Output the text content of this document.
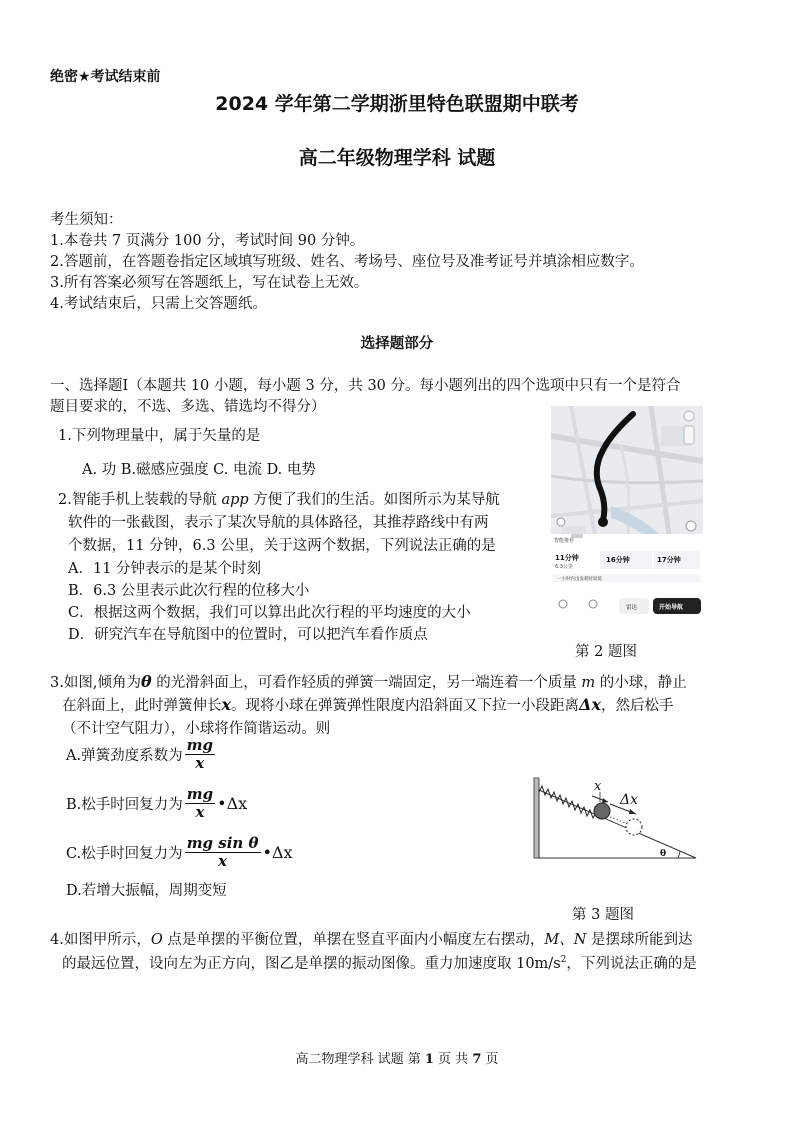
绝密★考试结束前
2024 学年第二学期浙里特色联盟期中联考
高二年级物理学科 试题
考生须知：
1.本卷共 7 页满分 100 分，考试时间 90 分钟。
2.答题前，在答题卷指定区域填写班级、姓名、考场号、座位号及准考证号并填涂相应数字。
3.所有答案必须写在答题纸上，写在试卷上无效。
4.考试结束后，只需上交答题纸。
选择题部分
一、选择题Ⅰ（本题共 10 小题，每小题 3 分，共 30 分。每小题列出的四个选项中只有一个是符合
题目要求的，不选、多选、错选均不得分）
1.下列物理量中，属于矢量的是
A. 功 B.磁感应强度 C. 电流 D. 电势
2.智能手机上装载的导航 app 方便了我们的生活。如图所示为某导航
软件的一张截图，表示了某次导航的具体路径，其推荐路线中有两
个数据，11 分钟，6.3 公里，关于这两个数据，下列说法正确的是
A．11 分钟表示的是某个时刻
B．6.3 公里表示此次行程的位移大小
C．根据这两个数据，我们可以算出此次行程的平均速度的大小
D．研究汽车在导航图中的位置时，可以把汽车看作质点
智能推荐
11分钟
6.3公里
16分钟	17分钟
一小时内出发耗时较低
雷达	开始导航
第 2 题图
3.如图,倾角为θ 的光滑斜面上，可看作轻质的弹簧一端固定，另一端连着一个质量 m 的小球，静止
在斜面上，此时弹簧伸长x。现将小球在弹簧弹性限度内沿斜面又下拉一小段距离Δx，然后松手
（不计空气阻力），小球将作简谐运动。则
A.弹簧劲度系数为 $\frac{mg}{x}$
B.松手时回复力为 $\frac{mg}{x}$ •Δx
C.松手时回复力为 $\frac{\text{mg sin θ}}{x}$ •Δx
D.若增大振幅，周期变短
x
Δx
θ
第 3 题图
4.如图甲所示，O 点是单摆的平衡位置，单摆在竖直平面内小幅度左右摆动，M、N 是摆球所能到达
的最远位置，设向左为正方向，图乙是单摆的振动图像。重力加速度取 $10m/s^2$，下列说法正确的是
高二物理学科 试题 第 1 页 共 7 页
